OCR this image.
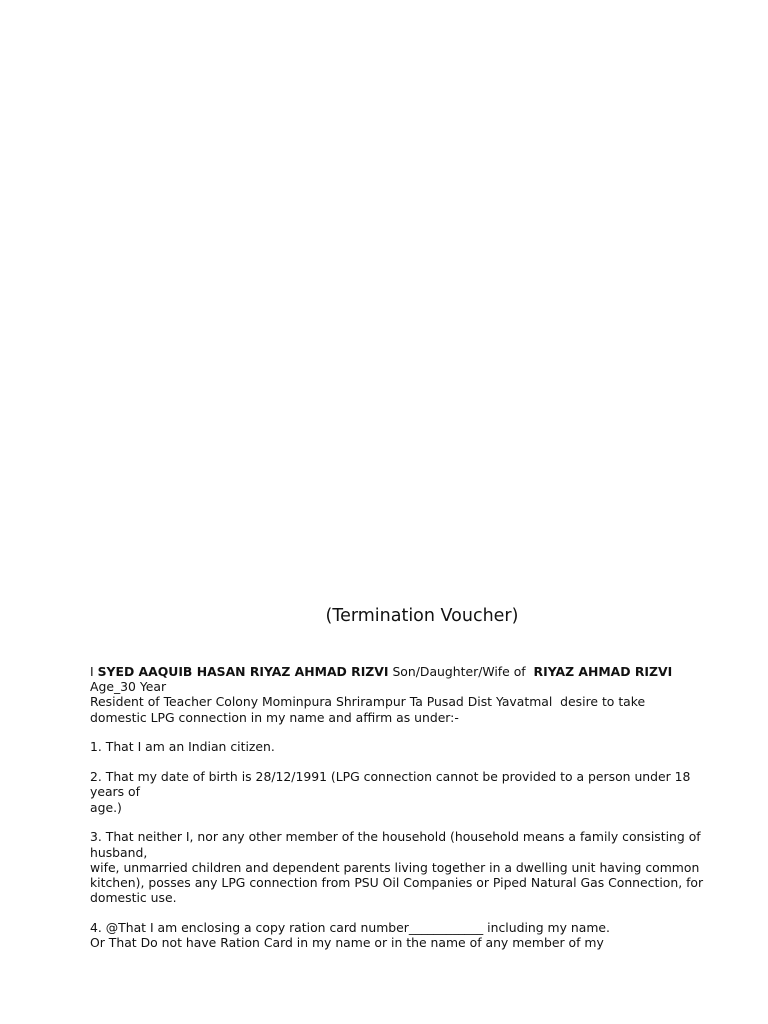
(Termination Voucher)
I SYED AAQUIB HASAN RIYAZ AHMAD RIZVI Son/Daughter/Wife of  RIYAZ AHMAD RIZVI
Age_30 Year
Resident of Teacher Colony Mominpura Shrirampur Ta Pusad Dist Yavatmal  desire to take
domestic LPG connection in my name and affirm as under:-
1. That I am an Indian citizen.
2. That my date of birth is 28/12/1991 (LPG connection cannot be provided to a person under 18
years of
age.)
3. That neither I, nor any other member of the household (household means a family consisting of
husband,
wife, unmarried children and dependent parents living together in a dwelling unit having common
kitchen), posses any LPG connection from PSU Oil Companies or Piped Natural Gas Connection, for
domestic use.
4. @That I am enclosing a copy ration card number____________ including my name.
Or That Do not have Ration Card in my name or in the name of any member of my
